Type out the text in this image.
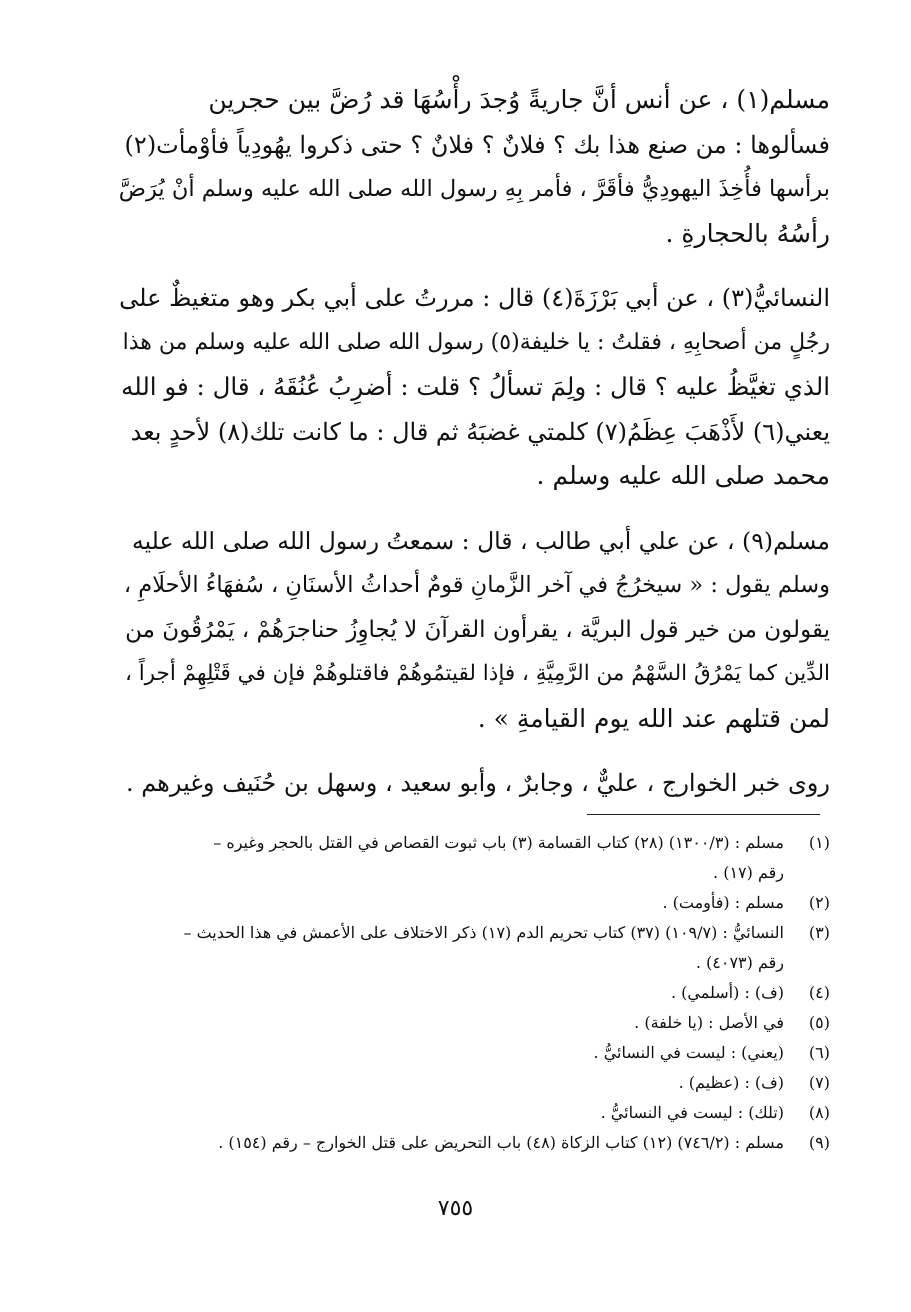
مسلم(١) ، عن أنس أنَّ جاريةً وُجدَ رأْسُهَا قد رُضَّ بين حجرين
فسألوها : من صنع هذا بك ؟ فلانٌ ؟ فلانٌ ؟ حتى ذكروا يهُودِياً فأوْمأت(٢)
برأسها فأُخِذَ اليهودِيُّ فأقَرَّ ، فأمر بِهِ رسول الله صلى الله عليه وسلم أنْ يُرَضَّ
رأسُهُ بالحجارةِ .

النسائيُّ(٣) ، عن أبي بَرْزَةَ(٤) قال : مررتُ على أبي بكر وهو متغيظٌ على
رجُلٍ من أصحابِهِ ، فقلتُ : يا خليفة(٥) رسول الله صلى الله عليه وسلم من هذا
الذي تغيَّظُ عليه ؟ قال : ولِمَ تسألُ ؟ قلت : أضرِبُ عُنُقَهُ ، قال : فو الله
يعني(٦) لأَذْهَبَ عِظَمُ(٧) كلمتي غضبَهُ ثم قال : ما كانت تلك(٨) لأحدٍ بعد
محمد صلى الله عليه وسلم .

مسلم(٩) ، عن علي أبي طالب ، قال : سمعتُ رسول الله صلى الله عليه
وسلم يقول : « سيخرُجُ في آخر الزَّمانِ قومٌ أحداثُ الأسنَانِ ، سُفهَاءُ الأحلَامِ ،
يقولون من خير قول البريَّة ، يقرأون القرآنَ لا يُجاوِزُ حناجرَهُمْ ، يَمْرُقُونَ من
الدِّين كما يَمْرُقُ السَّهْمُ من الرَّمِيَّةِ ، فإذا لقيتمُوهُمْ فاقتلوهُمْ فإن في قَتْلِهِمْ أجراً ،
لمن قتلهم عند الله يوم القيامةِ » .

روى خبر الخوارج ، عليٌّ ، وجابرٌ ، وأبو سعيد ، وسهل بن حُنَيف وغيرهم .

(١)
مسلم : (١٣٠٠/٣) (٢٨) كتاب القسامة (٣) باب ثبوت القصاص في القتل بالحجر وغيره –
رقم (١٧) .
(٢)
مسلم : (فأومت) .
(٣)
النسائيُّ : (١٠٩/٧) (٣٧) كتاب تحريم الدم (١٧) ذكر الاختلاف على الأعمش في هذا الحديث –
رقم (٤٠٧٣) .
(٤)
(ف) : (أسلمي) .
(٥)
في الأصل : (يا خلفة) .
(٦)
(يعني) : ليست في النسائيُّ .
(٧)
(ف) : (عظيم) .
(٨)
(تلك) : ليست في النسائيُّ .
(٩)
مسلم : (٧٤٦/٢) (١٢) كتاب الزكاة (٤٨) باب التحريض على قتل الخوارج – رقم (١٥٤) .
٧٥٥
